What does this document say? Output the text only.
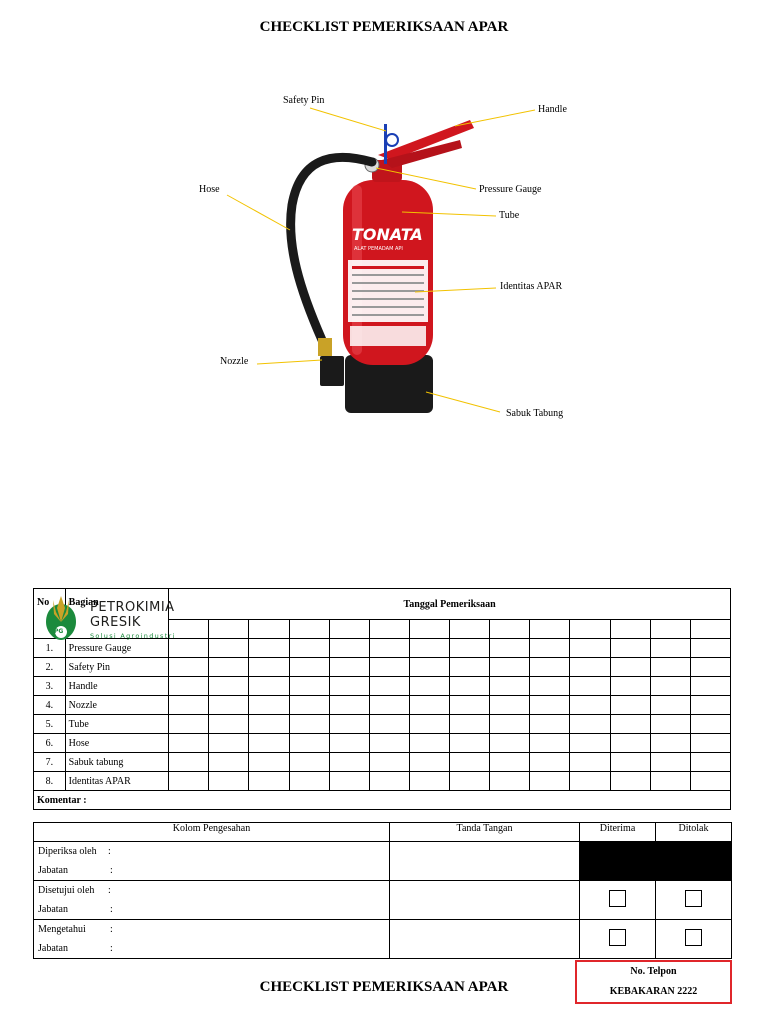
CHECKLIST PEMERIKSAAN APAR
TONATA
ALAT PEMADAM API
Safety Pin
Handle
Hose	Pressure Gauge
Tube
Identitas APAR
Nozzle
Sabuk Tabung
No	Bagian	Tanggal Pemeriksaan													

1.	Pressure Gauge														
2.	Safety Pin														
3.	Handle														
4.	Nozzle														
5.	Tube														
6.	Hose														
7.	Sabuk tabung														
8.	Identitas APAR														
Komentar :															
PG
PETROKIMIA
GRESIK
Solusi Agroindustri
Kolom Pengesahan	Tanda Tangan	Diterima	Ditolak

Diperiksa oleh :
Jabatan :			

Disetujui oleh :
Jabatan :			

Mengetahui :
Jabatan :			

CHECKLIST PEMERIKSAAN APAR
No. Telpon
KEBAKARAN 2222
